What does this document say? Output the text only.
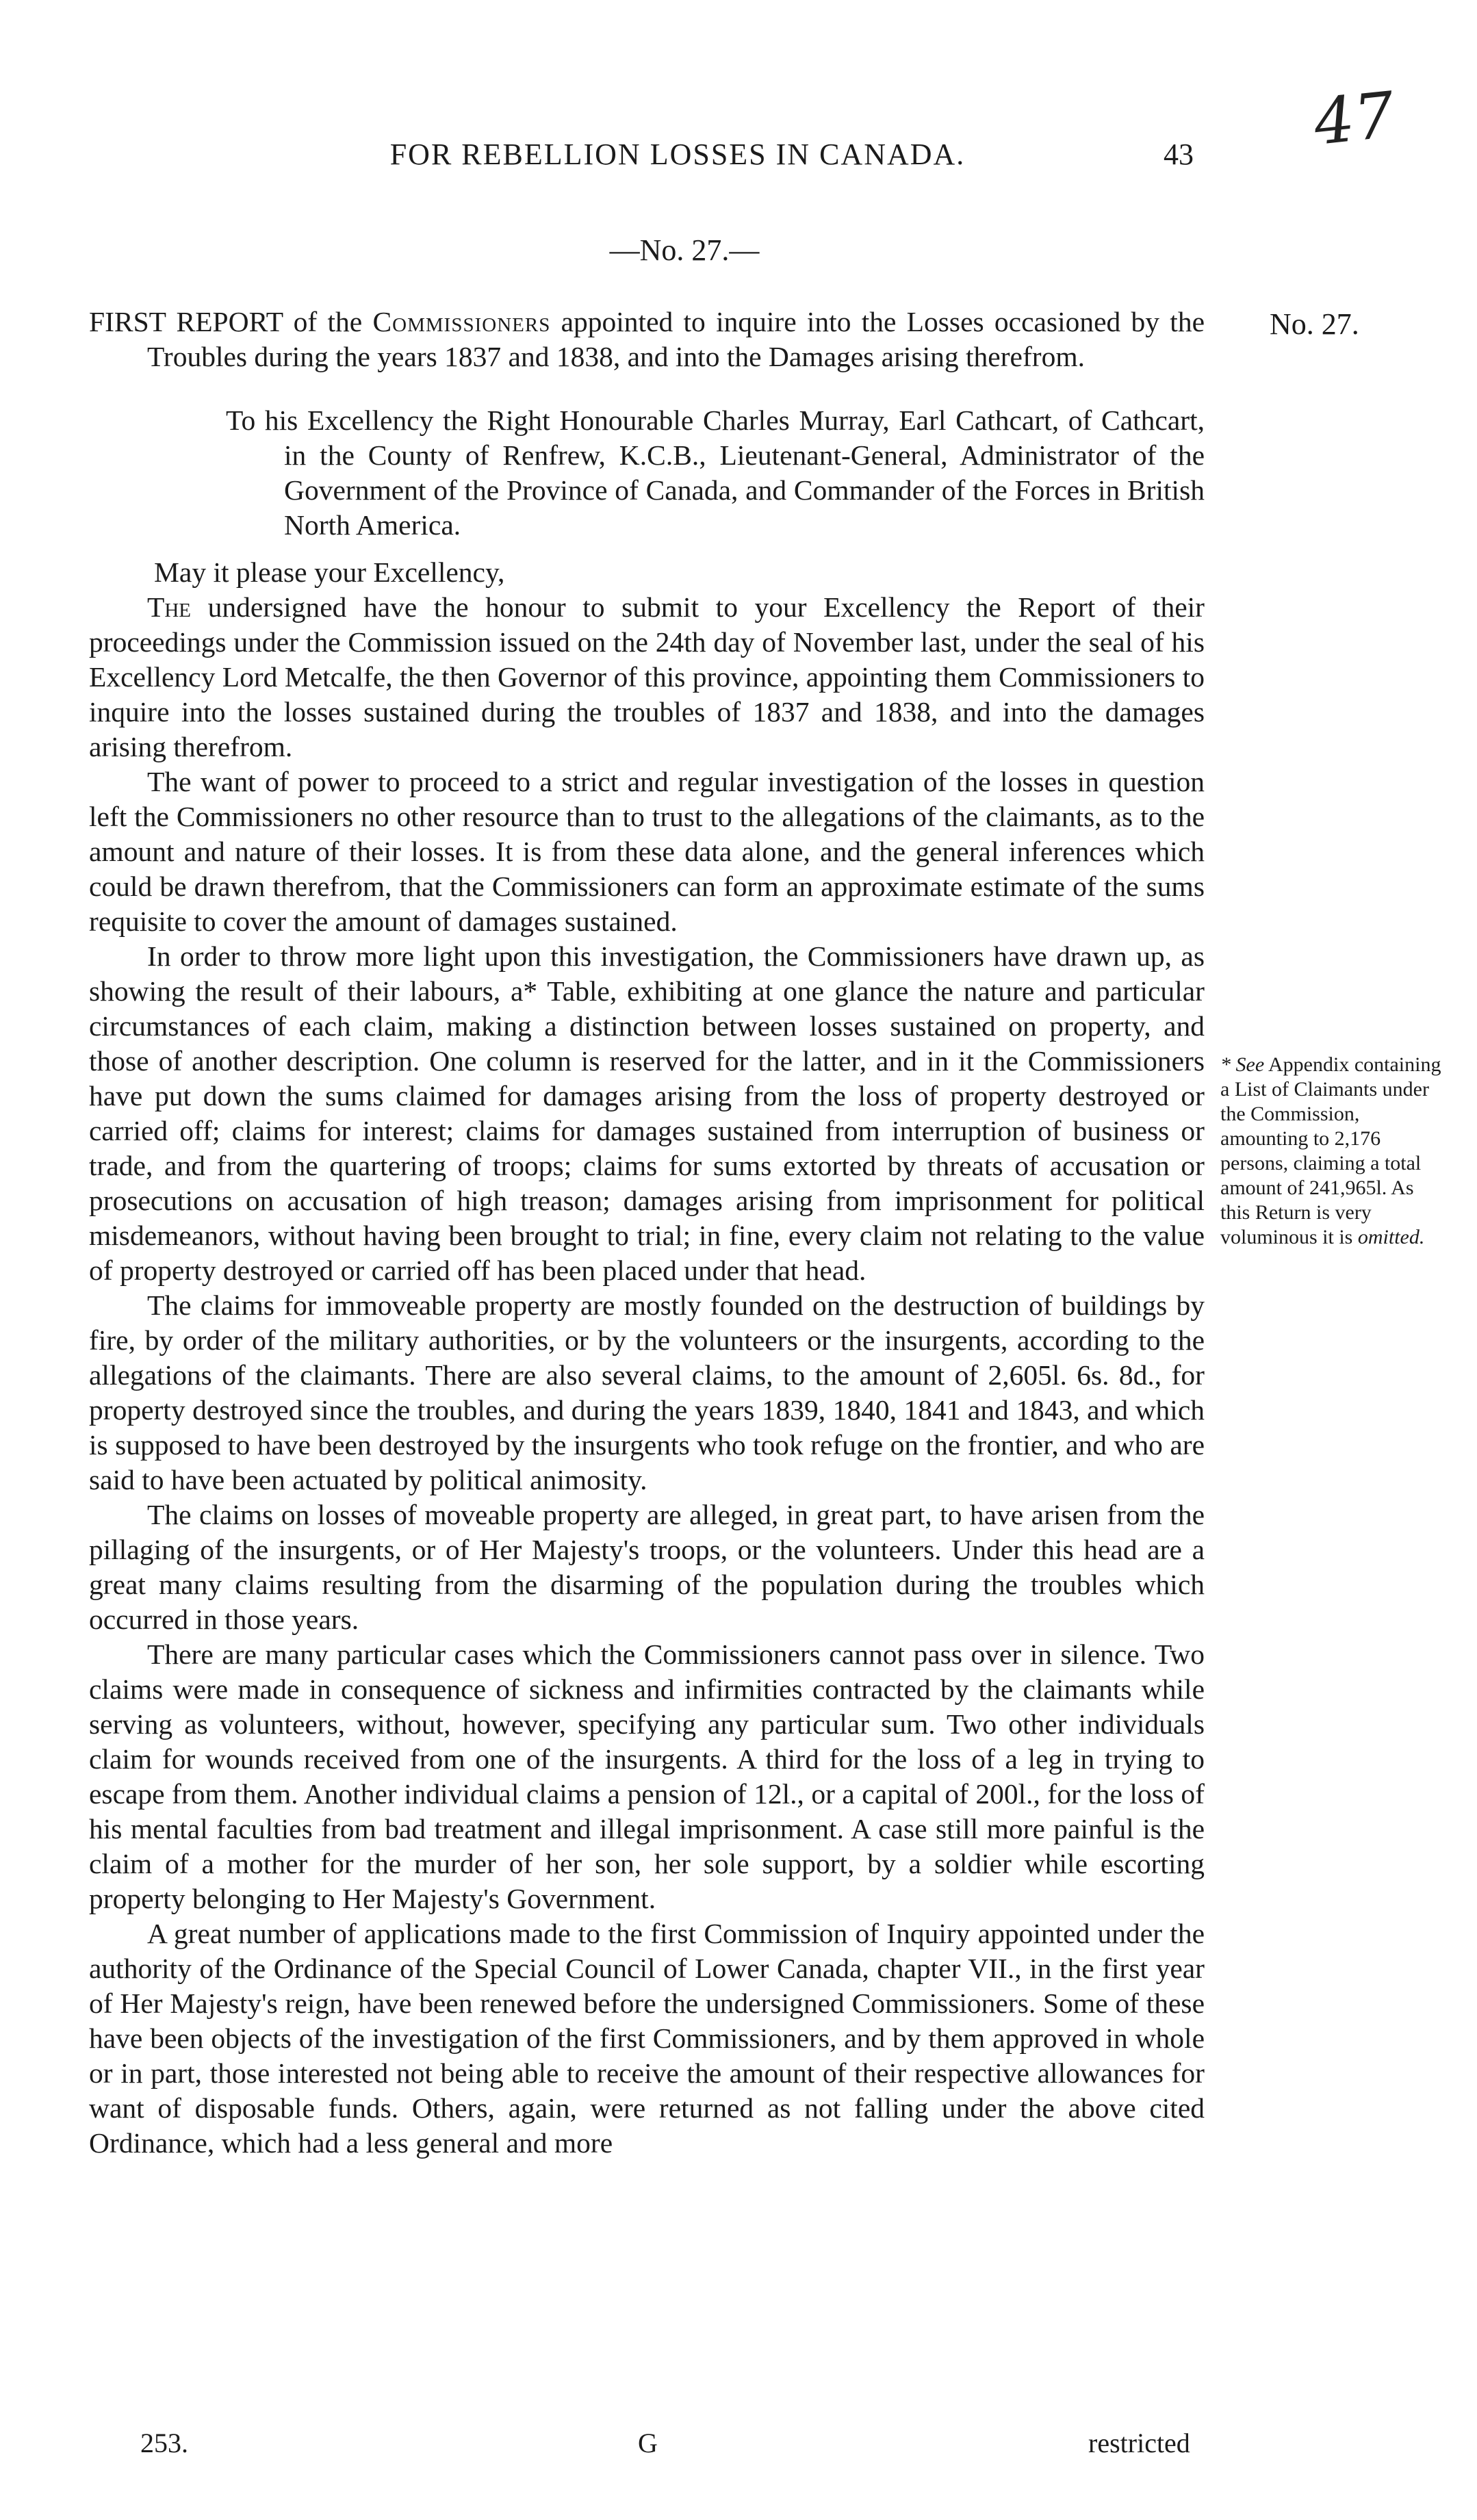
FOR REBELLION LOSSES IN CANADA.	43 47
—No. 27.—
No. 27.

FIRST REPORT of the Commissioners appointed to inquire into the Losses occasioned by the Troubles during the years 1837 and 1838, and into the Damages arising therefrom.

To his Excellency the Right Honourable Charles Murray, Earl Cathcart, of Cathcart, in the County of Renfrew, K.C.B., Lieutenant-General, Administrator of the Government of the Province of Canada, and Commander of the Forces in British North America.

May it please your Excellency,

The undersigned have the honour to submit to your Excellency the Report of their proceedings under the Commission issued on the 24th day of November last, under the seal of his Excellency Lord Metcalfe, the then Governor of this province, appointing them Commissioners to inquire into the losses sustained during the troubles of 1837 and 1838, and into the damages arising therefrom.

The want of power to proceed to a strict and regular investigation of the losses in question left the Commissioners no other resource than to trust to the allegations of the claimants, as to the amount and nature of their losses. It is from these data alone, and the general inferences which could be drawn therefrom, that the Commissioners can form an approximate estimate of the sums requisite to cover the amount of damages sustained.

In order to throw more light upon this investigation, the Commissioners have drawn up, as showing the result of their labours, a* Table, exhibiting at one glance the nature and particular circumstances of each claim, making a distinction between losses sustained on property, and those of another description. One column is reserved for the latter, and in it the Commissioners have put down the sums claimed for damages arising from the loss of property destroyed or carried off; claims for interest; claims for damages sustained from interruption of business or trade, and from the quartering of troops; claims for sums extorted by threats of accusation or prosecutions on accusation of high treason; damages arising from imprisonment for political misdemeanors, without having been brought to trial; in fine, every claim not relating to the value of property destroyed or carried off has been placed under that head.

The claims for immoveable property are mostly founded on the destruction of buildings by fire, by order of the military authorities, or by the volunteers or the insurgents, according to the allegations of the claimants. There are also several claims, to the amount of 2,605l. 6s. 8d., for property destroyed since the troubles, and during the years 1839, 1840, 1841 and 1843, and which is supposed to have been destroyed by the insurgents who took refuge on the frontier, and who are said to have been actuated by political animosity.

The claims on losses of moveable property are alleged, in great part, to have arisen from the pillaging of the insurgents, or of Her Majesty's troops, or the volunteers. Under this head are a great many claims resulting from the disarming of the population during the troubles which occurred in those years.

There are many particular cases which the Commissioners cannot pass over in silence. Two claims were made in consequence of sickness and infirmities contracted by the claimants while serving as volunteers, without, however, specifying any particular sum. Two other individuals claim for wounds received from one of the insurgents. A third for the loss of a leg in trying to escape from them. Another individual claims a pension of 12l., or a capital of 200l., for the loss of his mental faculties from bad treatment and illegal imprisonment. A case still more painful is the claim of a mother for the murder of her son, her sole support, by a soldier while escorting property belonging to Her Majesty's Government.

A great number of applications made to the first Commission of Inquiry appointed under the authority of the Ordinance of the Special Council of Lower Canada, chapter VII., in the first year of Her Majesty's reign, have been renewed before the undersigned Commissioners. Some of these have been objects of the investigation of the first Commissioners, and by them approved in whole or in part, those interested not being able to receive the amount of their respective allowances for want of disposable funds. Others, again, were returned as not falling under the above cited Ordinance, which had a less general and more

* See Appendix containing a List of Claimants under the Commission, amounting to 2,176 persons, claiming a total amount of 241,965l. As this Return is very voluminous it is omitted.
253.	G	restricted
